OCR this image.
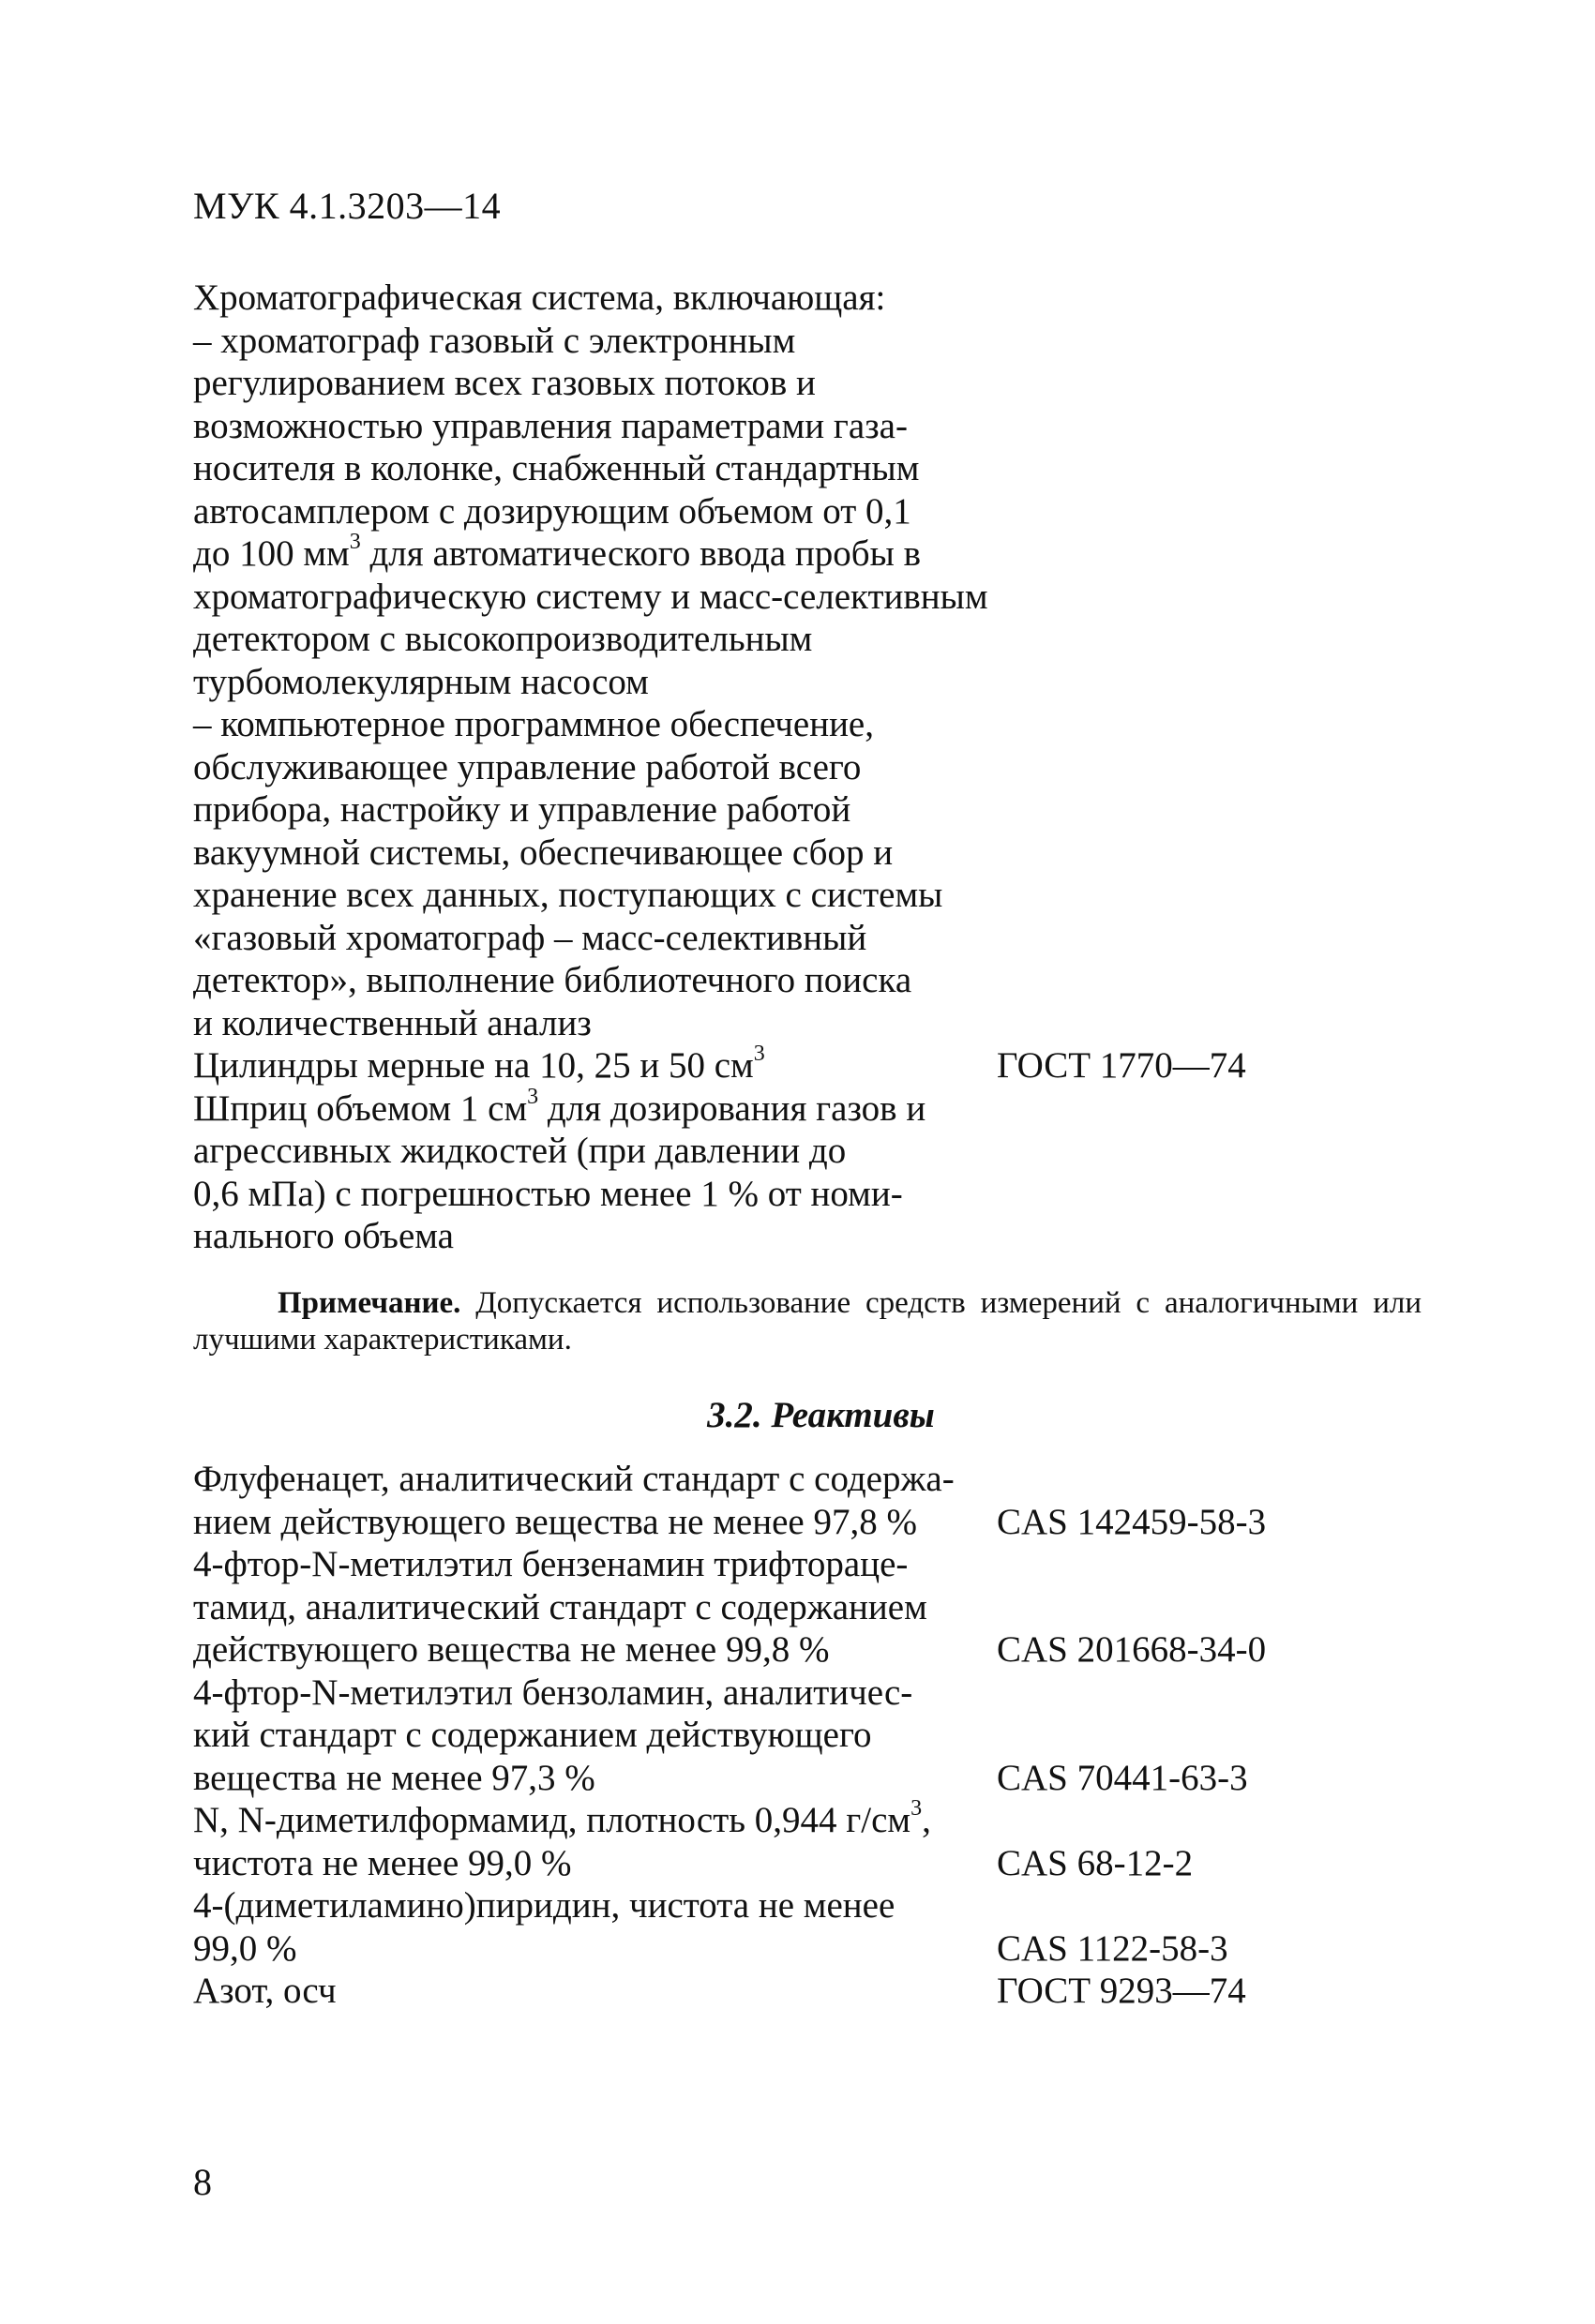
МУК 4.1.3203—14
Хроматографическая система, включающая:
– хроматограф газовый с электронным
регулированием всех газовых потоков и
возможностью управления параметрами газа-
носителя в колонке, снабженный стандартным
автосамплером с дозирующим объемом от 0,1
до 100 $мм^3$ для автоматического ввода пробы в
хроматографическую систему и масс-селективным
детектором с высокопроизводительным
турбомолекулярным насосом
– компьютерное программное обеспечение,
обслуживающее управление работой всего
прибора, настройку и управление работой
вакуумной системы, обеспечивающее сбор и
хранение всех данных, поступающих с системы
«газовый хроматограф – масс-селективный
детектор», выполнение библиотечного поиска
и количественный анализ
Цилиндры мерные на 10, 25 и 50 $см^3$	ГОСТ 1770—74
Шприц объемом 1 $см^3$ для дозирования газов и
агрессивных жидкостей (при давлении до
0,6 мПа) с погрешностью менее 1 % от номи-
нального объема
Примечание. Допускается использование средств измерений с аналогичными или лучшими характеристиками.
3.2. Реактивы
Флуфенацет, аналитический стандарт с содержа-
нием действующего вещества не менее 97,8 % CAS 142459-58-3
4-фтор-N-метилэтил бензенамин трифтораце-
тамид, аналитический стандарт с содержанием
действующего вещества не менее 99,8 %	CAS 201668-34-0
4-фтор-N-метилэтил бензоламин, аналитичес-
кий стандарт с содержанием действующего
вещества не менее 97,3 %	CAS 70441-63-3
N, N-диметилформамид, плотность 0,944 $г/см^3$,
чистота не менее 99,0 %	CAS 68-12-2
4-(диметиламино)пиридин, чистота не менее
99,0 %	CAS 1122-58-3
Азот, осч	ГОСТ 9293—74
8
